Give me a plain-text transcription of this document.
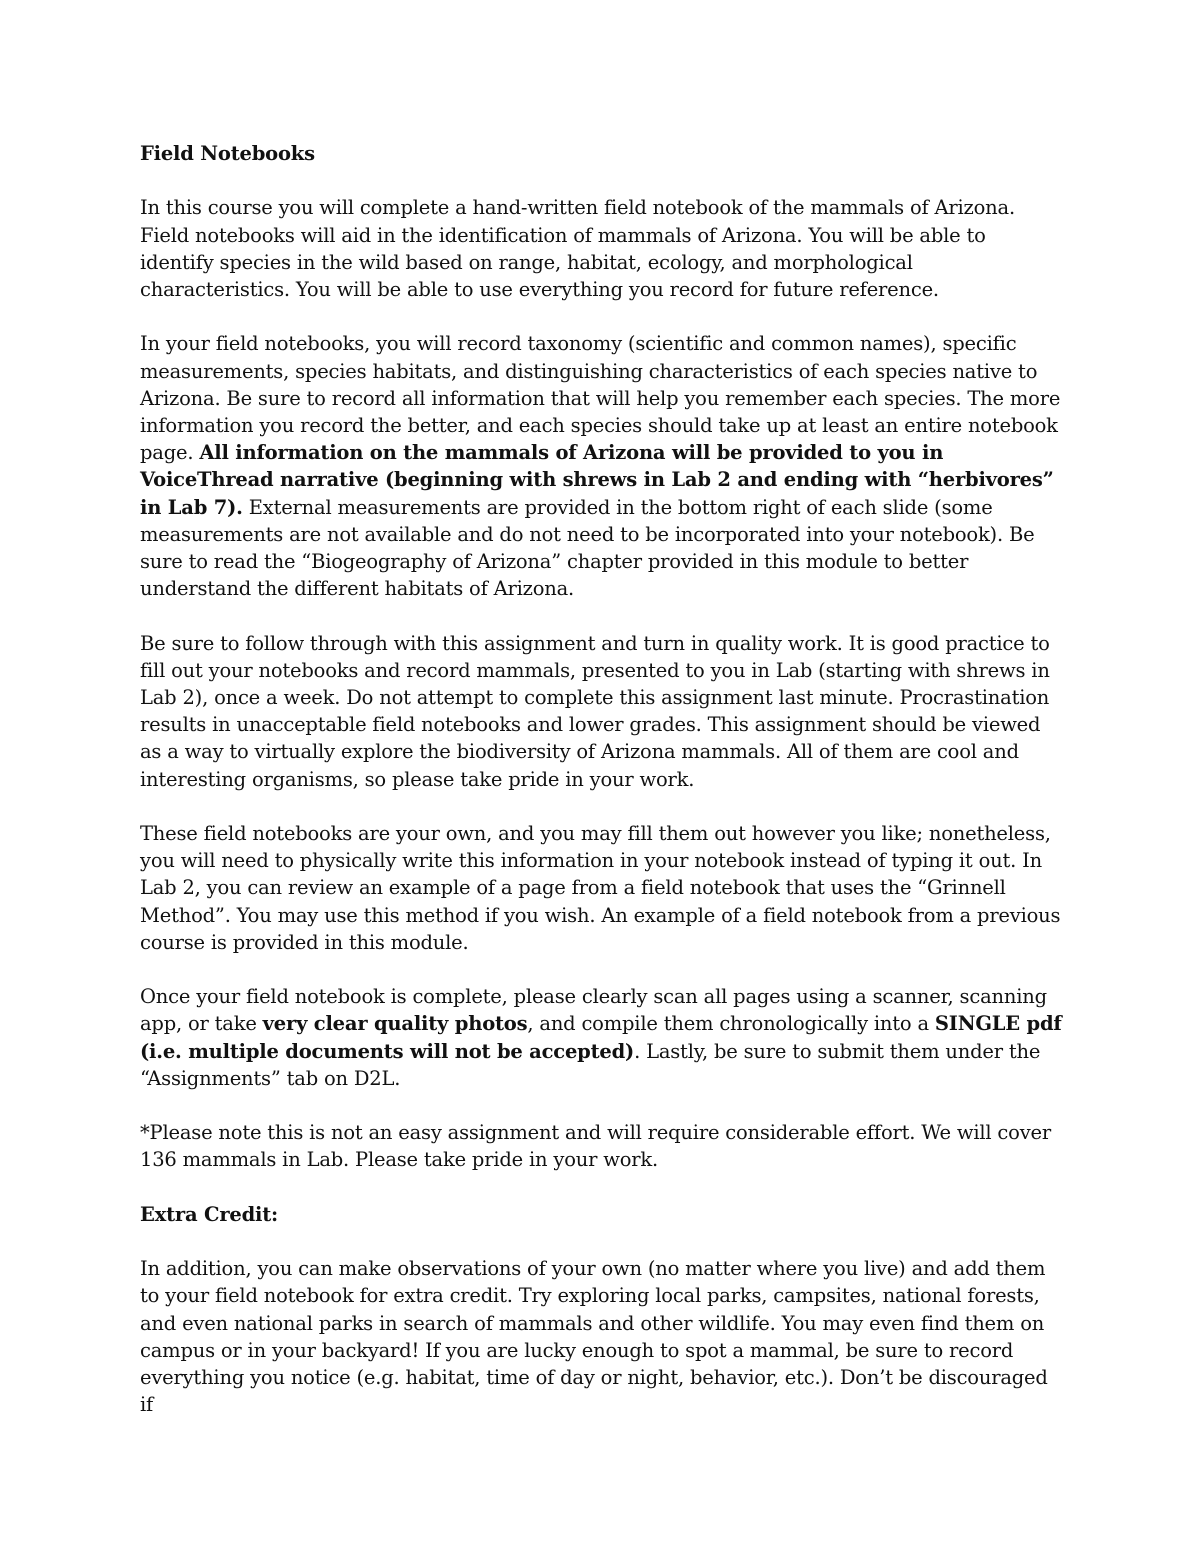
Field Notebooks

In this course you will complete a hand-written field notebook of the mammals of Arizona. Field notebooks will aid in the identification of mammals of Arizona. You will be able to identify species in the wild based on range, habitat, ecology, and morphological characteristics. You will be able to use everything you record for future reference.

In your field notebooks, you will record taxonomy (scientific and common names), specific measurements, species habitats, and distinguishing characteristics of each species native to Arizona. Be sure to record all information that will help you remember each species. The more information you record the better, and each species should take up at least an entire notebook page. All information on the mammals of Arizona will be provided to you in VoiceThread narrative (beginning with shrews in Lab 2 and ending with “herbivores” in Lab 7). External measurements are provided in the bottom right of each slide (some measurements are not available and do not need to be incorporated into your notebook). Be sure to read the “Biogeography of Arizona” chapter provided in this module to better understand the different habitats of Arizona.

Be sure to follow through with this assignment and turn in quality work. It is good practice to fill out your notebooks and record mammals, presented to you in Lab (starting with shrews in Lab 2), once a week. Do not attempt to complete this assignment last minute. Procrastination results in unacceptable field notebooks and lower grades. This assignment should be viewed as a way to virtually explore the biodiversity of Arizona mammals. All of them are cool and interesting organisms, so please take pride in your work.

These field notebooks are your own, and you may fill them out however you like; nonetheless, you will need to physically write this information in your notebook instead of typing it out. In Lab 2, you can review an example of a page from a field notebook that uses the “Grinnell Method”. You may use this method if you wish. An example of a field notebook from a previous course is provided in this module.

Once your field notebook is complete, please clearly scan all pages using a scanner, scanning app, or take very clear quality photos, and compile them chronologically into a SINGLE pdf (i.e. multiple documents will not be accepted). Lastly, be sure to submit them under the “Assignments” tab on D2L.

*Please note this is not an easy assignment and will require considerable effort. We will cover 136 mammals in Lab. Please take pride in your work.

Extra Credit:

In addition, you can make observations of your own (no matter where you live) and add them to your field notebook for extra credit. Try exploring local parks, campsites, national forests, and even national parks in search of mammals and other wildlife. You may even find them on campus or in your backyard! If you are lucky enough to spot a mammal, be sure to record everything you notice (e.g. habitat, time of day or night, behavior, etc.). Don’t be discouraged if
